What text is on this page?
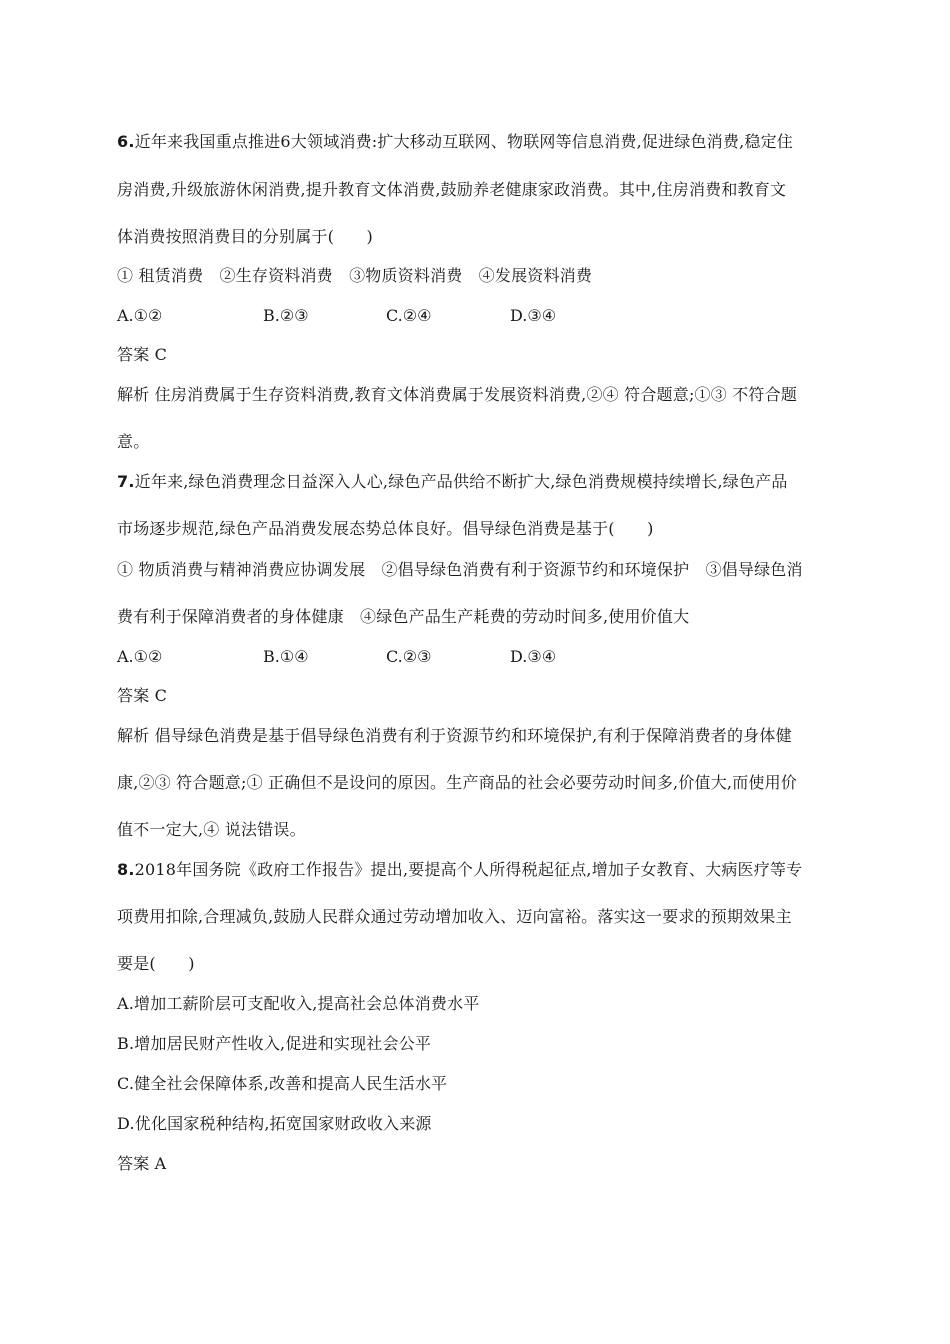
6.近年来我国重点推进6大领域消费:扩大移动互联网、物联网等信息消费,促进绿色消费,稳定住
房消费,升级旅游休闲消费,提升教育文体消费,鼓励养老健康家政消费。其中,住房消费和教育文
体消费按照消费目的分别属于(　　)
① 租赁消费　②生存资料消费　③物质资料消费　④发展资料消费
A.①②	B.②③	C.②④	D.③④
答案 C
解析 住房消费属于生存资料消费,教育文体消费属于发展资料消费,②④ 符合题意;①③ 不符合题
意。
7.近年来,绿色消费理念日益深入人心,绿色产品供给不断扩大,绿色消费规模持续增长,绿色产品
市场逐步规范,绿色产品消费发展态势总体良好。倡导绿色消费是基于(　　)
① 物质消费与精神消费应协调发展　②倡导绿色消费有利于资源节约和环境保护　③倡导绿色消
费有利于保障消费者的身体健康　④绿色产品生产耗费的劳动时间多,使用价值大
A.①②	B.①④	C.②③	D.③④
答案 C
解析 倡导绿色消费是基于倡导绿色消费有利于资源节约和环境保护,有利于保障消费者的身体健
康,②③ 符合题意;① 正确但不是设问的原因。生产商品的社会必要劳动时间多,价值大,而使用价
值不一定大,④ 说法错误。
8.2018年国务院《政府工作报告》提出,要提高个人所得税起征点,增加子女教育、大病医疗等专
项费用扣除,合理减负,鼓励人民群众通过劳动增加收入、迈向富裕。落实这一要求的预期效果主
要是(　　)
A.增加工薪阶层可支配收入,提高社会总体消费水平
B.增加居民财产性收入,促进和实现社会公平
C.健全社会保障体系,改善和提高人民生活水平
D.优化国家税种结构,拓宽国家财政收入来源
答案 A
